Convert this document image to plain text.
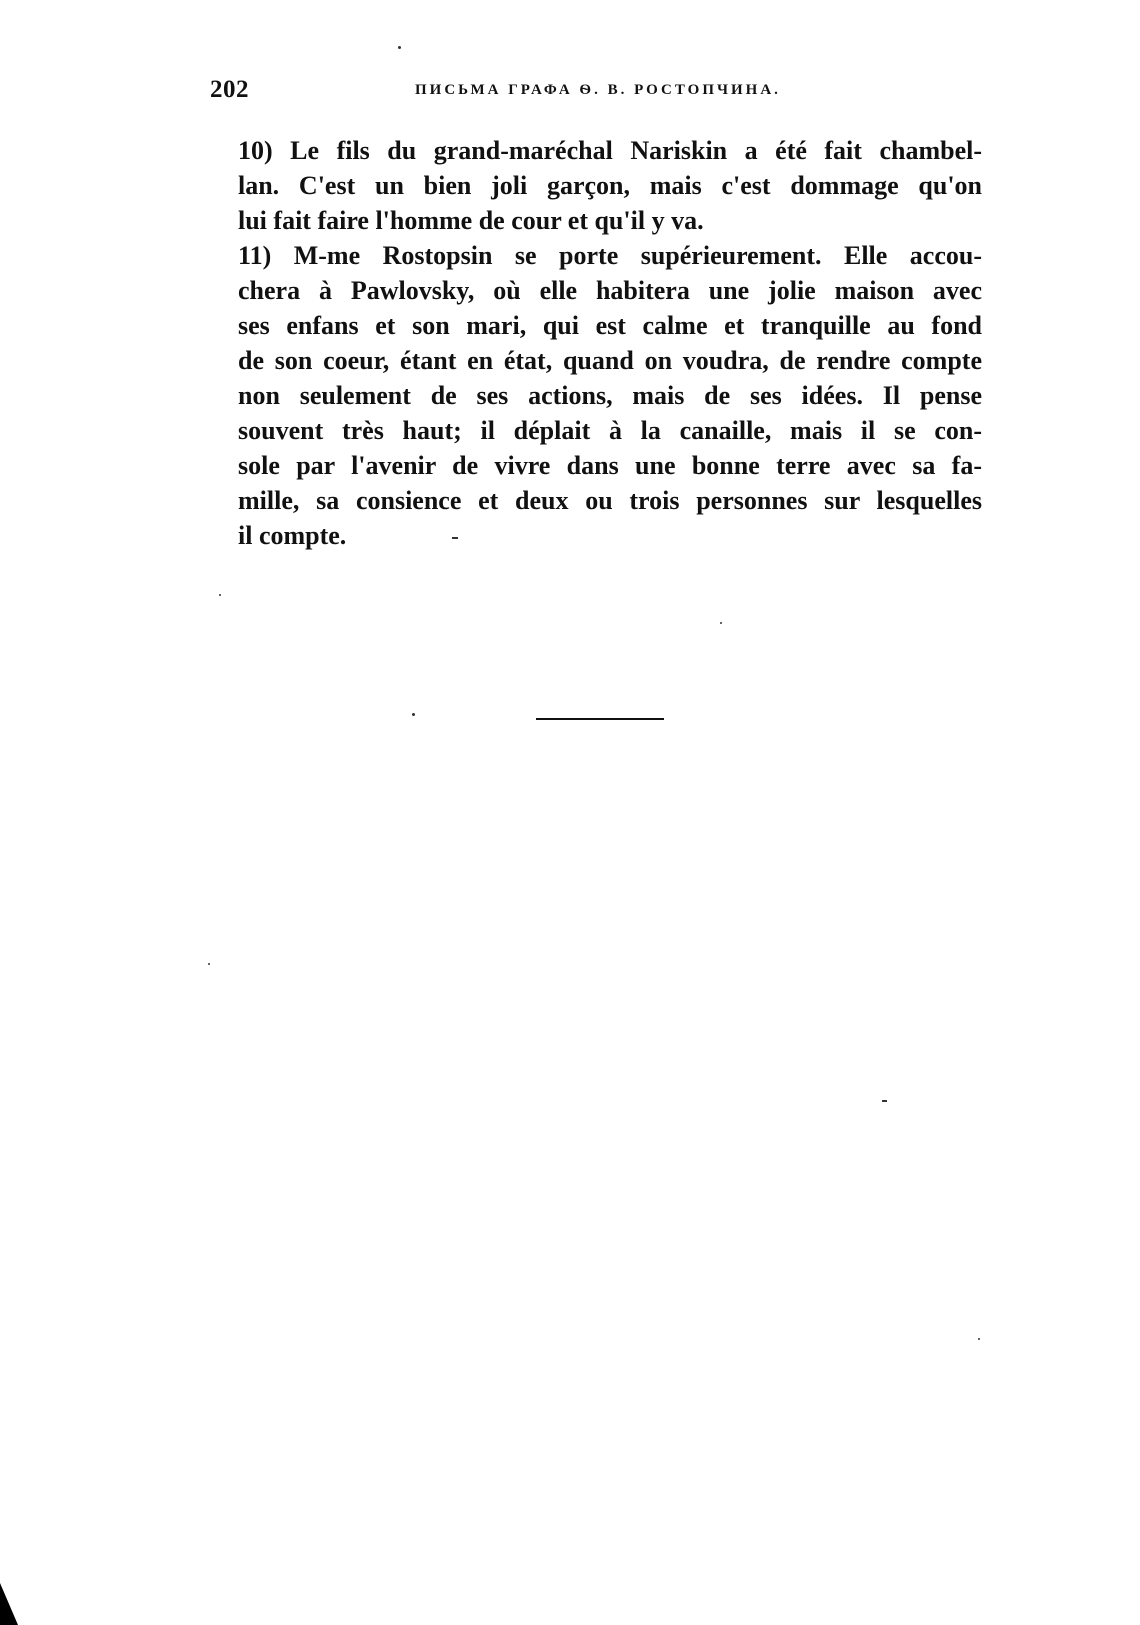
202	ПИСЬМА ГРАФА Ѳ. В. РОСТОПЧИНА.

10) Le fils du grand-maréchal Nariskin a été fait chambel-
lan. C'est un bien joli garçon, mais c'est dommage qu'on
lui fait faire l'homme de cour et qu'il y va.

11) M-me Rostopsin se porte supérieurement. Elle accou-
chera à Pawlovsky, où elle habitera une jolie maison avec
ses enfans et son mari, qui est calme et tranquille au fond
de son coeur, étant en état, quand on voudra, de rendre compte
non seulement de ses actions, mais de ses idées. Il pense
souvent très haut; il déplait à la canaille, mais il se con-
sole par l'avenir de vivre dans une bonne terre avec sa fa-
mille, sa consience et deux ou trois personnes sur lesquelles
il compte.
